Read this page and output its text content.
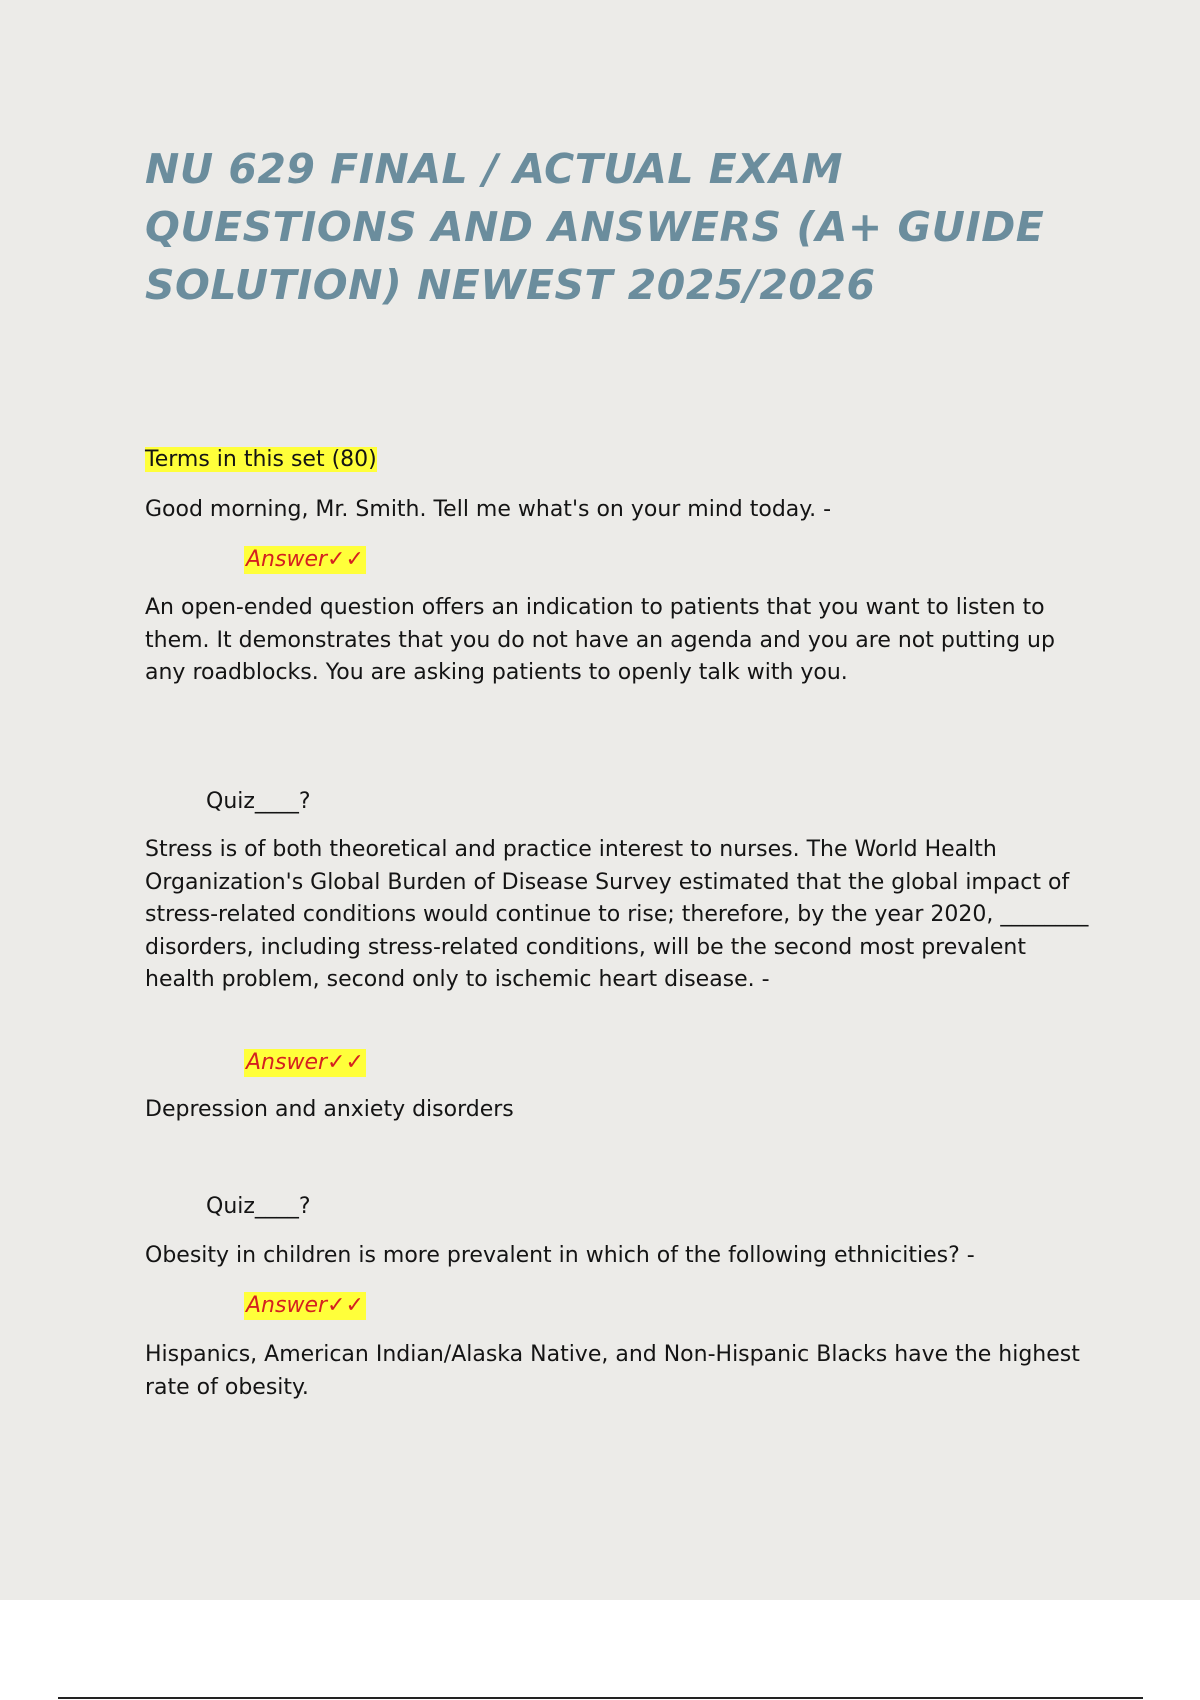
NU 629 FINAL / ACTUAL EXAM QUESTIONS AND ANSWERS (A+ GUIDE SOLUTION) NEWEST 2025/2026
Terms in this set (80)
Good morning, Mr. Smith. Tell me what's on your mind today. -
Answer✓✓
An open-ended question offers an indication to patients that you want to listen to them. It demonstrates that you do not have an agenda and you are not putting up any roadblocks. You are asking patients to openly talk with you.
Quiz____?
Stress is of both theoretical and practice interest to nurses. The World Health Organization's Global Burden of Disease Survey estimated that the global impact of stress-related conditions would continue to rise; therefore, by the year 2020, ________ disorders, including stress-related conditions, will be the second most prevalent health problem, second only to ischemic heart disease. -
Answer✓✓
Depression and anxiety disorders
Quiz____?
Obesity in children is more prevalent in which of the following ethnicities? -
Answer✓✓
Hispanics, American Indian/Alaska Native, and Non-Hispanic Blacks have the highest rate of obesity.
